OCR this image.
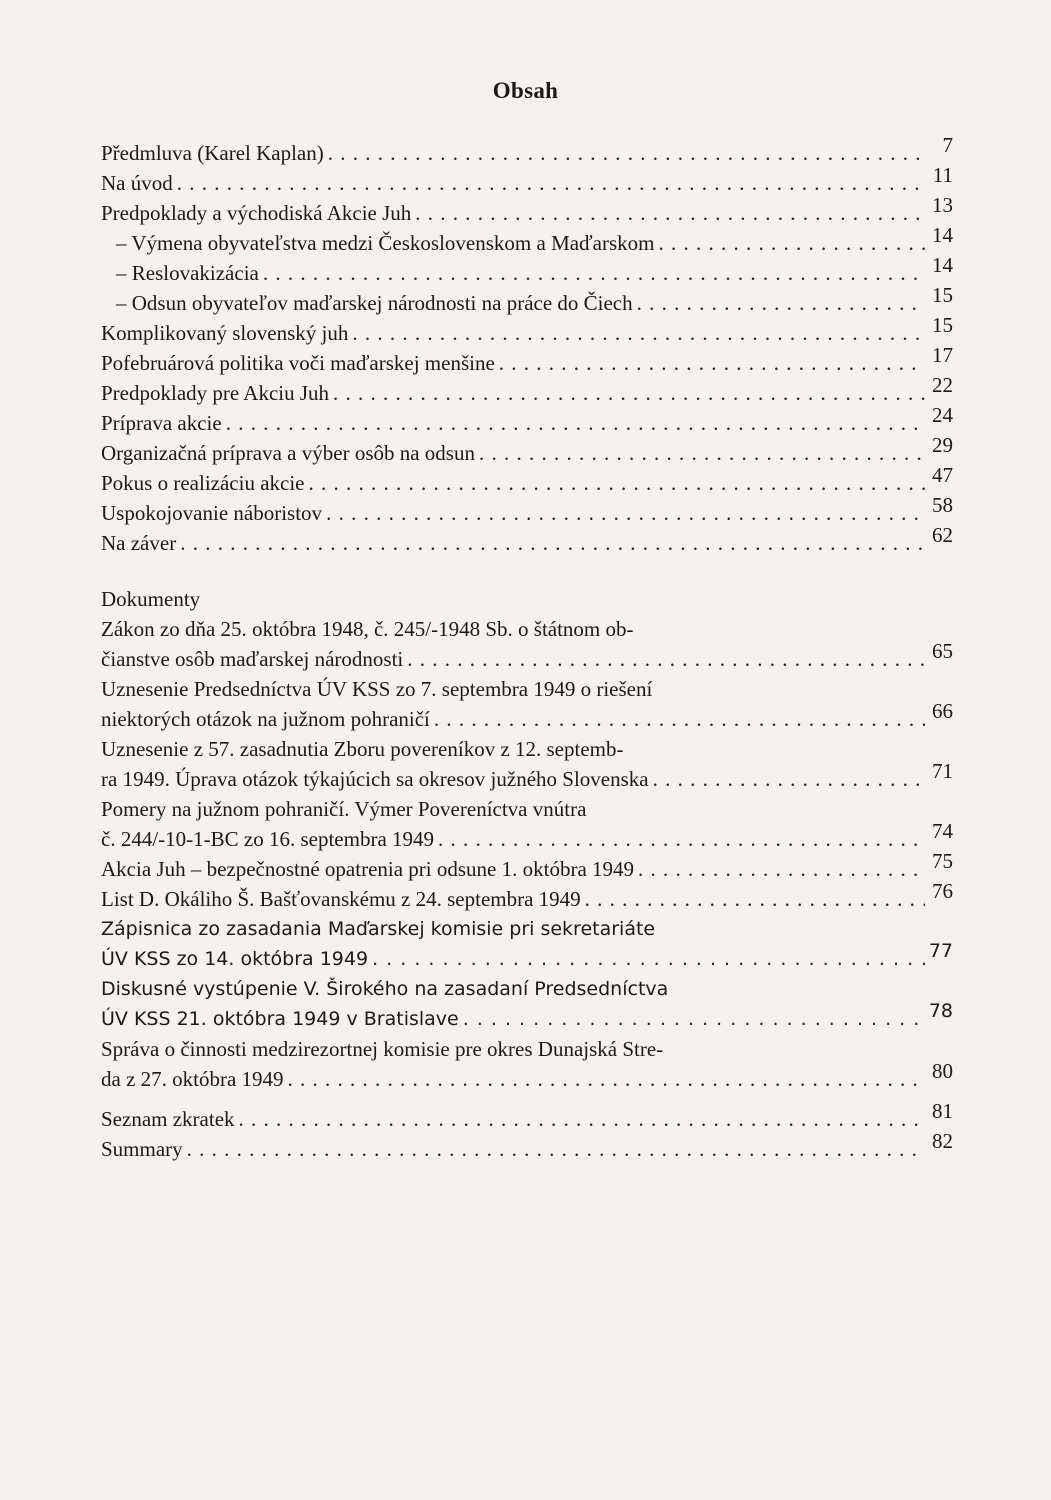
Obsah
Předmluva (Karel Kaplan) . . .	7
Na úvod . . .	11
Predpoklady a východiská Akcie Juh . . .	13
– Výmena obyvateľstva medzi Československom a Maďarskom . . .	14
– Reslovakizácia . . .	14
– Odsun obyvateľov maďarskej národnosti na práce do Čiech . . .	15
Komplikovaný slovenský juh . . .	15
Pofebruárová politika voči maďarskej menšine . . .	17
Predpoklady pre Akciu Juh . . .	22
Príprava akcie . . .	24
Organizačná príprava a výber osôb na odsun . . .	29
Pokus o realizáciu akcie . . .	47
Uspokojovanie náboristov . . .	58
Na záver . . .	62
Dokumenty
Zákon zo dňa 25. októbra 1948, č. 245/-1948 Sb. o štátnom ob-
čianstve osôb maďarskej národnosti . . .	65
Uznesenie Predsedníctva ÚV KSS zo 7. septembra 1949 o riešení
niektorých otázok na južnom pohraničí . . .	66
Uznesenie z 57. zasadnutia Zboru povereníkov z 12. septemb-
ra 1949. Úprava otázok týkajúcich sa okresov južného Slovenska . . .	71
Pomery na južnom pohraničí. Výmer Povereníctva vnútra
č. 244/-10-1-BC zo 16. septembra 1949 . . .	74
Akcia Juh – bezpečnostné opatrenia pri odsune 1. októbra 1949 . . .	75
List D. Okáliho Š. Bašťovanskému z 24. septembra 1949 . . .	76
Zápisnica zo zasadania Maďarskej komisie pri sekretariáte
ÚV KSS zo 14. októbra 1949 . . .	77
Diskusné vystúpenie V. Širokého na zasadaní Predsedníctva
ÚV KSS 21. októbra 1949 v Bratislave . . .	78
Správa o činnosti medzirezortnej komisie pre okres Dunajská Stre-
da z 27. októbra 1949 . . .	80
Seznam zkratek . . .	81
Summary . . .	82
